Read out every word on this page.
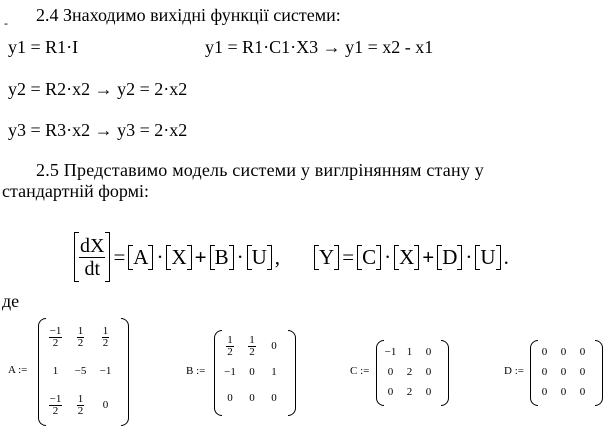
- 2.4 Знаходимо вихідні функції системи:
y1 = R1·I	y1 = R1·C1·X3 → y1 = x2 - x1
y2 = R2·x2 → y2 = 2·x2
y3 = R3·x2 → y3 = 2·x2
2.5 Представимо модель системи у виглрінянням стану у
стандартній формі:
$\frac{dX}{dt} = A \cdot X + B \cdot U$ , Y = C · X + D · U .
де
A :=
$\frac{-1}{2} \frac{1}{2} \frac{1}{2}$
1 −5 −1
$\frac{-1}{2} \frac{1}{2} 0$
B :=
$\frac{1}{2} \frac{1}{2} 0$
−1 0 1
0 0 0
C :=
−1 1 0
0 2 0
0 2 0
D :=
0 0 0
0 0 0
0 0 0
